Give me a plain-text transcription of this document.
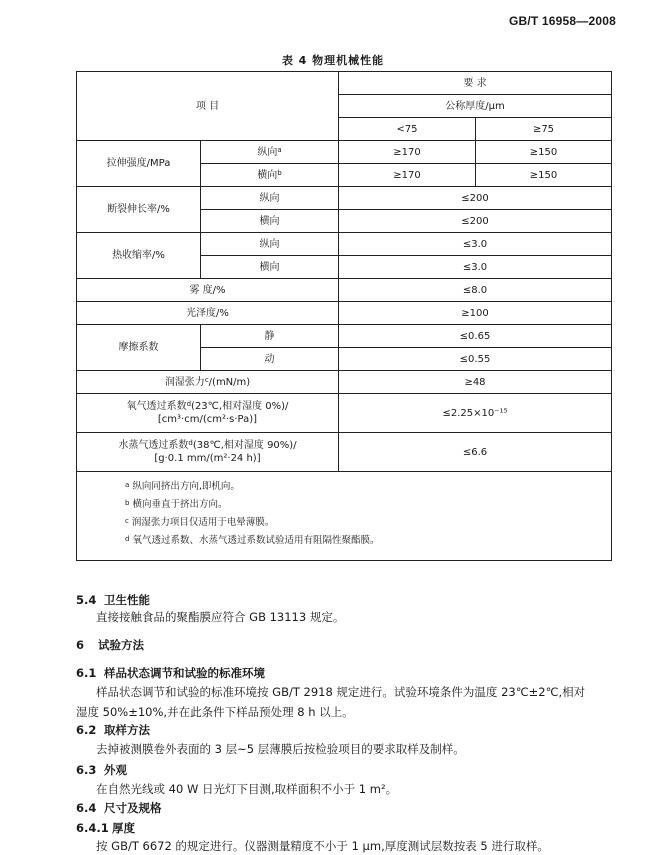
GB/T 16958—2008
表 4 物理机械性能
项 目		要 求	
		公称厚度/μm	
		<75	≥75
拉伸强度/MPa	纵向$^a$	≥170	≥150
	横向$^b$	≥170	≥150
断裂伸长率/%	纵向	≤200	
	横向	≤200	
热收缩率/%	纵向	≤3.0	
	横向	≤3.0	
雾 度/%		≤8.0	
光泽度/%		≥100	
摩擦系数	静	≤0.65	
	动	≤0.55	
润湿张力$^c$/(mN/m)		≥48	

氧气透过系数$^d$(23℃,相对湿度 0%)/
[cm³·cm/(cm²·s·Pa)]		≤2.25×10⁻¹⁵	

水蒸气透过系数$^d$(38℃,相对湿度 90%)/
[g·0.1 mm/(m²·24 h)]		≤6.6	

$^a$ 纵向同挤出方向,即机向。
$^b$ 横向垂直于挤出方向。
$^c$ 润湿张力项目仅适用于电晕薄膜。
$^d$ 氧气透过系数、水蒸气透过系数试验适用有阻隔性聚酯膜。			
5.4 卫生性能
直接接触食品的聚酯膜应符合 GB 13113 规定。
6 试验方法
6.1 样品状态调节和试验的标准环境
样品状态调节和试验的标准环境按 GB/T 2918 规定进行。试验环境条件为温度 23℃±2℃,相对
湿度 50%±10%,并在此条件下样品预处理 8 h 以上。
6.2 取样方法
去掉被测膜卷外表面的 3 层~5 层薄膜后按检验项目的要求取样及制样。
6.3 外观
在自然光线或 40 W 日光灯下目测,取样面积不小于 1 m²。
6.4 尺寸及规格
6.4.1 厚度
按 GB/T 6672 的规定进行。仪器测量精度不小于 1 μm,厚度测试层数按表 5 进行取样。
